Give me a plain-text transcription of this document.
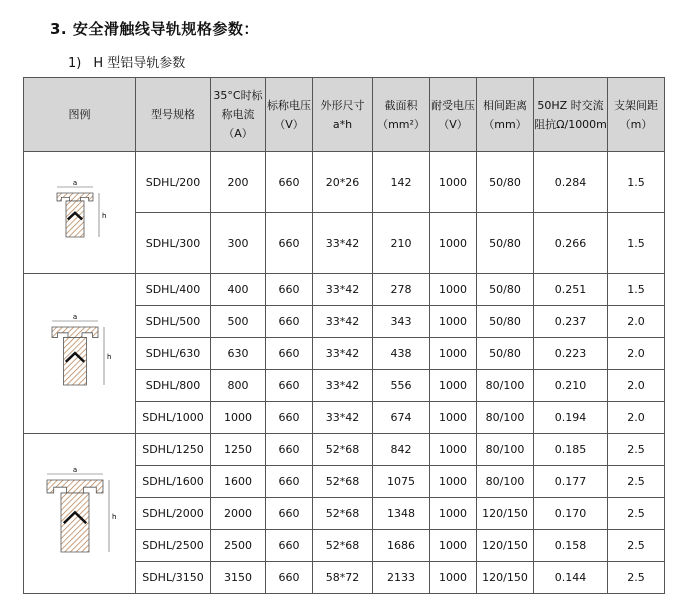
3. 安全滑触线导轨规格参数：
1) H 型铝导轨参数
图例	型号规格	35°C时标称电流（A）	标称电压（V）	外形尺寸 a*h	截面积（mm²）	耐受电压（V）	相间距离（mm）	50HZ 时交流阻抗Ω/1000m	支架间距（m）

a
h	SDHL/200	200	660	20*26	142	1000	50/80	0.284	1.5
	SDHL/300	300	660	33*42	210	1000	50/80	0.266	1.5

a
h	SDHL/400	400	660	33*42	278	1000	50/80	0.251	1.5
	SDHL/500	500	660	33*42	343	1000	50/80	0.237	2.0
	SDHL/630	630	660	33*42	438	1000	50/80	0.223	2.0
	SDHL/800	800	660	33*42	556	1000	80/100	0.210	2.0
	SDHL/1000	1000	660	33*42	674	1000	80/100	0.194	2.0

a
h	SDHL/1250	1250	660	52*68	842	1000	80/100	0.185	2.5
	SDHL/1600	1600	660	52*68	1075	1000	80/100	0.177	2.5
	SDHL/2000	2000	660	52*68	1348	1000	120/150	0.170	2.5
	SDHL/2500	2500	660	52*68	1686	1000	120/150	0.158	2.5
	SDHL/3150	3150	660	58*72	2133	1000	120/150	0.144	2.5
